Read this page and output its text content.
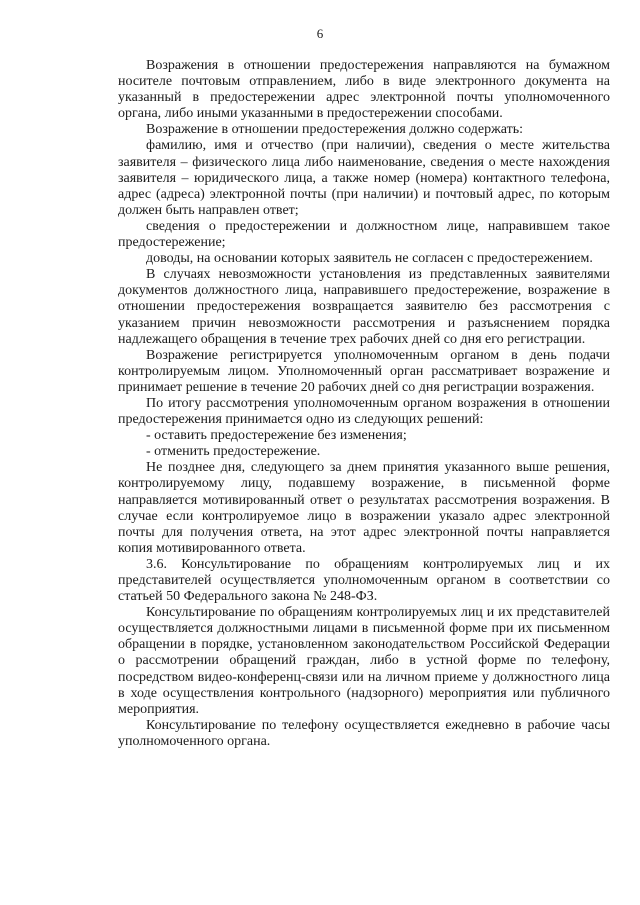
6

Возражения в отношении предостережения направляются на бумажном носителе почтовым отправлением, либо в виде электронного документа на указанный в предостережении адрес электронной почты уполномоченного органа, либо иными указанными в предостережении способами.

Возражение в отношении предостережения должно содержать:

фамилию, имя и отчество (при наличии), сведения о месте жительства заявителя – физического лица либо наименование, сведения о месте нахождения заявителя – юридического лица, а также номер (номера) контактного телефона, адрес (адреса) электронной почты (при наличии) и почтовый адрес, по которым должен быть направлен ответ;

сведения о предостережении и должностном лице, направившем такое предостережение;

доводы, на основании которых заявитель не согласен с предостережением.

В случаях невозможности установления из представленных заявителями документов должностного лица, направившего предостережение, возражение в отношении предостережения возвращается заявителю без рассмотрения с указанием причин невозможности рассмотрения и разъяснением порядка надлежащего обращения в течение трех рабочих дней со дня его регистрации.

Возражение регистрируется уполномоченным органом в день подачи контролируемым лицом. Уполномоченный орган рассматривает возражение и принимает решение в течение 20 рабочих дней со дня регистрации возражения.

По итогу рассмотрения уполномоченным органом возражения в отношении предостережения принимается одно из следующих решений:

- оставить предостережение без изменения;

- отменить предостережение.

Не позднее дня, следующего за днем принятия указанного выше решения, контролируемому лицу, подавшему возражение, в письменной форме направляется мотивированный ответ о результатах рассмотрения возражения. В случае если контролируемое лицо в возражении указало адрес электронной почты для получения ответа, на этот адрес электронной почты направляется копия мотивированного ответа.

3.6. Консультирование по обращениям контролируемых лиц и их представителей осуществляется уполномоченным органом в соответствии со статьей 50 Федерального закона № 248-ФЗ.

Консультирование по обращениям контролируемых лиц и их представителей осуществляется должностными лицами в письменной форме при их письменном обращении в порядке, установленном законодательством Российской Федерации о рассмотрении обращений граждан, либо в устной форме по телефону, посредством видео-конференц-связи или на личном приеме у должностного лица в ходе осуществления контрольного (надзорного) мероприятия или публичного мероприятия.

Консультирование по телефону осуществляется ежедневно в рабочие часы уполномоченного органа.
